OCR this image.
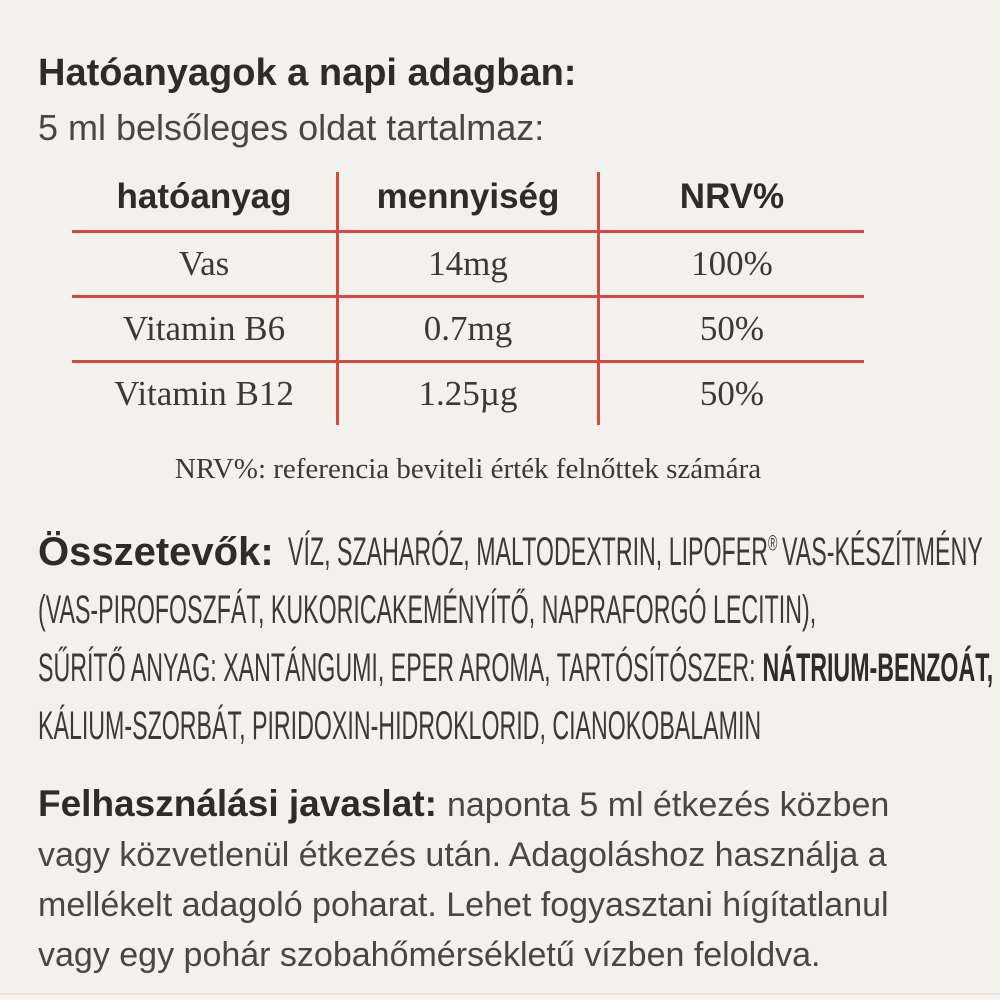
Hatóanyagok a napi adagban:

5 ml belsőleges oldat tartalmaz:

hatóanyag	mennyiség	NRV%
Vas	14mg	100%
Vitamin B6	0.7mg	50%
Vitamin B12	1.25µg	50%

NRV%: referencia beviteli érték felnőttek számára

Összetevők: VÍZ, SZAHARÓZ, MALTODEXTRIN, LIPOFER® VAS-KÉSZÍTMÉNY
(VAS-PIROFOSZFÁT, KUKORICAKEMÉNYÍTŐ, NAPRAFORGÓ LECITIN),
SŰRÍTŐ ANYAG: XANTÁNGUMI, EPER AROMA, TARTÓSÍTÓSZER: NÁTRIUM-BENZOÁT,
KÁLIUM-SZORBÁT, PIRIDOXIN-HIDROKLORID, CIANOKOBALAMIN

Felhasználási javaslat: naponta 5 ml étkezés közben vagy közvetlenül étkezés után. Adagoláshoz használja a mellékelt adagoló poharat. Lehet fogyasztani hígítatlanul vagy egy pohár szobahőmérsékletű vízben feloldva.
